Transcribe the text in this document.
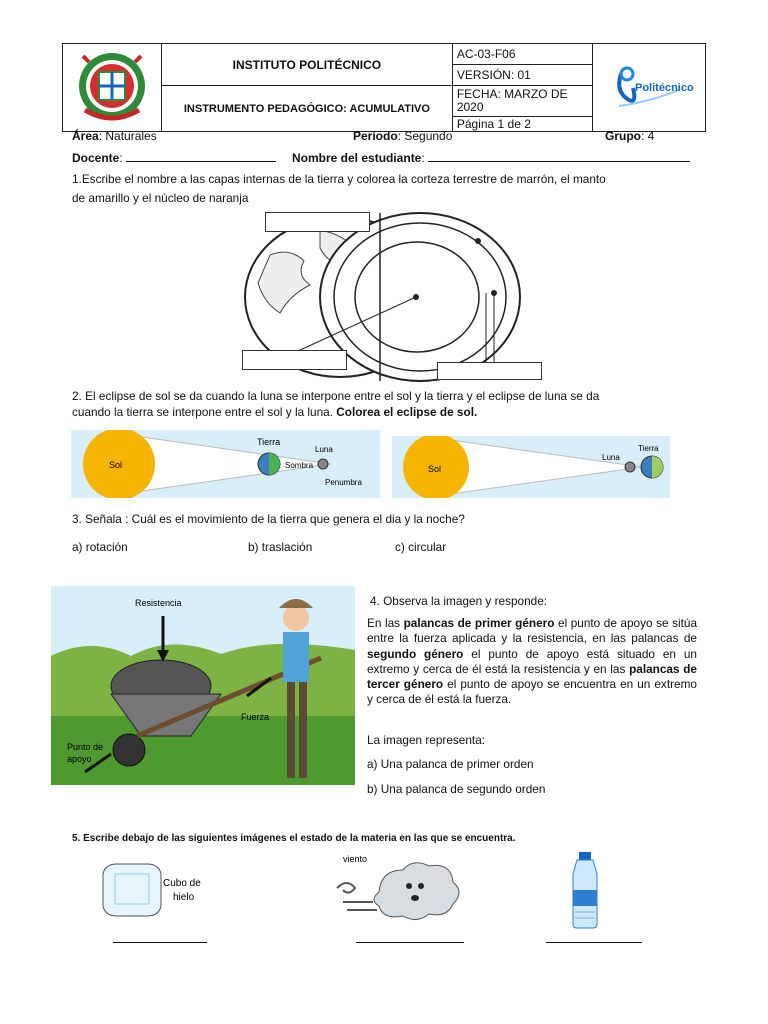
	INSTITUTO POLITÉCNICO	AC-03-F06	Politécnico

		VERSIÓN: 01	
	INSTRUMENTO PEDAGÓGICO: ACUMULATIVO	FECHA: MARZO DE
2020	
		Página 1 de 2	
Área: Naturales	Período: Segundo	Grupo: 4
Docente:	Nombre del estudiante:

1.Escribe el nombre a las capas internas de la tierra y colorea la corteza terrestre de marrón, el manto

de amarillo y el núcleo de naranja

2. El eclipse de sol se da cuando la luna se interpone entre el sol y la tierra y el eclipse de luna se da

cuando la tierra se interpone entre el sol y la luna. Colorea el eclipse de sol.

Sol
Tierra
Luna
Sombra
Penumbra
Sol
Luna
Tierra
3. Señala : Cuál es el movimiento de la tierra que genera el dia y la noche?
a) rotación	b) traslación	c) circular
Resistencia
Fuerza
Punto de
apoyo
4. Observa la imagen y responde:
En las palancas de primer género el punto de apoyo se sitúa entre la fuerza aplicada y la resistencia, en las palancas de segundo género el punto de apoyo está situado en un extremo y cerca de él está la resistencia y en las palancas de tercer género el punto de apoyo se encuentra en un extremo y cerca de él está la fuerza.
La imagen representa:
a) Una palanca de primer orden
b) Una palanca de segundo orden
5. Escribe debajo de las siguientes imágenes el estado de la materia en las que se encuentra.
Cubo de
hielo
viento
